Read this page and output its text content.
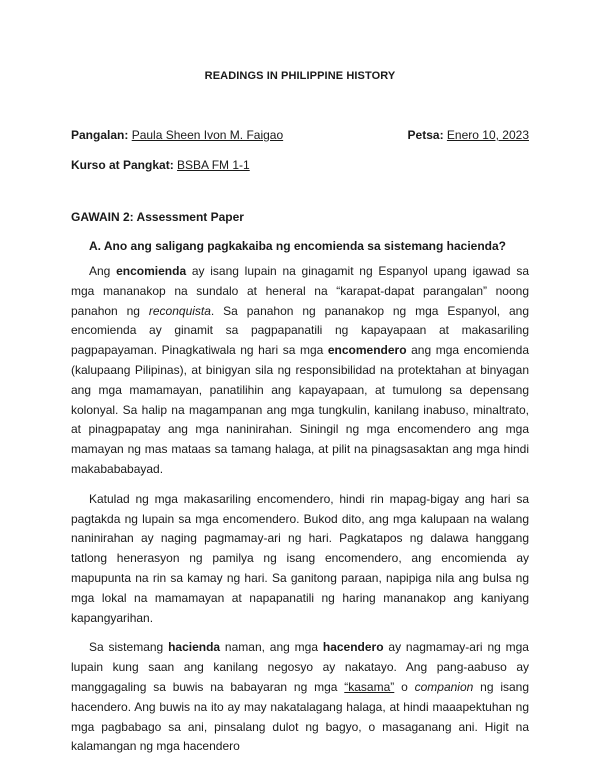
READINGS IN PHILIPPINE HISTORY
Pangalan: Paula Sheen Ivon M. Faigao	Petsa: Enero 10, 2023
Kurso at Pangkat: BSBA FM 1-1
GAWAIN 2: Assessment Paper
A. Ano ang saligang pagkakaiba ng encomienda sa sistemang hacienda?

Ang encomienda ay isang lupain na ginagamit ng Espanyol upang igawad sa mga mananakop na sundalo at heneral na “karapat-dapat parangalan” noong panahon ng reconquista. Sa panahon ng pananakop ng mga Espanyol, ang encomienda ay ginamit sa pagpapanatili ng kapayapaan at makasariling pagpapayaman. Pinagkatiwala ng hari sa mga encomendero ang mga encomienda (kalupaang Pilipinas), at binigyan sila ng responsibilidad na protektahan at binyagan ang mga mamamayan, panatilihin ang kapayapaan, at tumulong sa depensang kolonyal. Sa halip na magampanan ang mga tungkulin, kanilang inabuso, minaltrato, at pinagpapatay ang mga naninirahan. Siningil ng mga encomendero ang mga mamayan ng mas mataas sa tamang halaga, at pilit na pinagsasaktan ang mga hindi makabababayad.

Katulad ng mga makasariling encomendero, hindi rin mapag-bigay ang hari sa pagtakda ng lupain sa mga encomendero. Bukod dito, ang mga kalupaan na walang naninirahan ay naging pagmamay-ari ng hari. Pagkatapos ng dalawa hanggang tatlong henerasyon ng pamilya ng isang encomendero, ang encomienda ay mapupunta na rin sa kamay ng hari. Sa ganitong paraan, napipiga nila ang bulsa ng mga lokal na mamamayan at napapanatili ng haring mananakop ang kaniyang kapangyarihan.

Sa sistemang hacienda naman, ang mga hacendero ay nagmamay-ari ng mga lupain kung saan ang kanilang negosyo ay nakatayo. Ang pang-aabuso ay manggagaling sa buwis na babayaran ng mga “kasama” o companion ng isang hacendero. Ang buwis na ito ay may nakatalagang halaga, at hindi maaapektuhan ng mga pagbabago sa ani, pinsalang dulot ng bagyo, o masaganang ani. Higit na kalamangan ng mga hacendero
